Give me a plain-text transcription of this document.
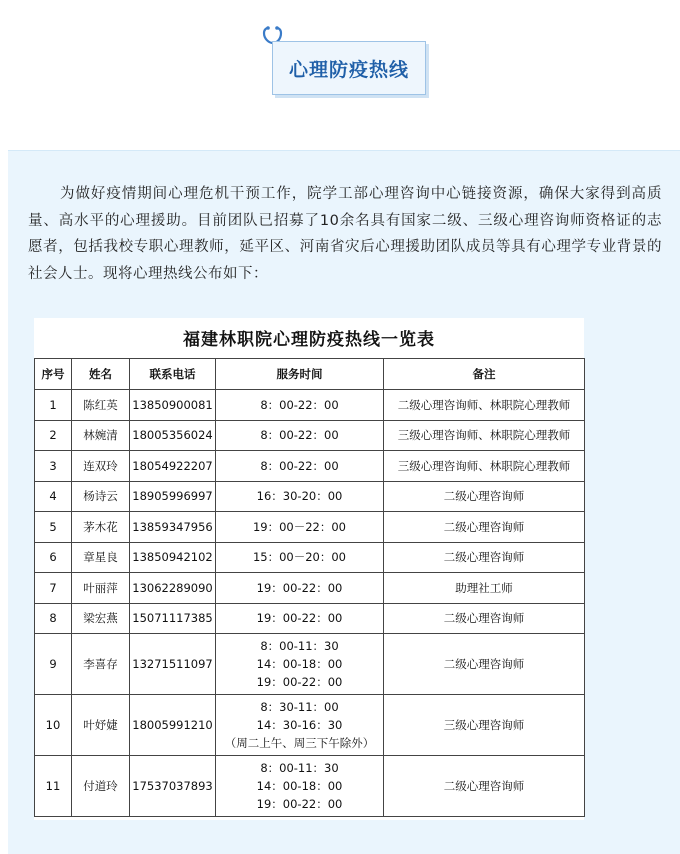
心理防疫热线

为做好疫情期间心理危机干预工作，院学工部心理咨询中心链接资源，确保大家得到高质量、高水平的心理援助。目前团队已招募了10余名具有国家二级、三级心理咨询师资格证的志愿者，包括我校专职心理教师，延平区、河南省灾后心理援助团队成员等具有心理学专业背景的社会人士。现将心理热线公布如下：

福建林职院心理防疫热线一览表
序号	姓名	联系电话	服务时间	备注
1	陈红英	13850900081	8：00-22：00	二级心理咨询师、林职院心理教师
2	林婉清	18005356024	8：00-22：00	三级心理咨询师、林职院心理教师
3	连双玲	18054922207	8：00-22：00	三级心理咨询师、林职院心理教师
4	杨诗云	18905996997	16：30-20：00	二级心理咨询师
5	茅木花	13859347956	19：00－22：00	二级心理咨询师
6	章星良	13850942102	15：00－20：00	二级心理咨询师
7	叶丽萍	13062289090	19：00-22：00	助理社工师
8	梁宏燕	15071117385	19：00-22：00	二级心理咨询师
9	李喜存	13271511097	8：00-11：30
14：00-18：00
19：00-22：00	二级心理咨询师
10	叶妤婕	18005991210	8：30-11：00
14：30-16：30
（周二上午、周三下午除外）	三级心理咨询师
11	付道玲	17537037893	8：00-11：30
14：00-18：00
19：00-22：00	二级心理咨询师
